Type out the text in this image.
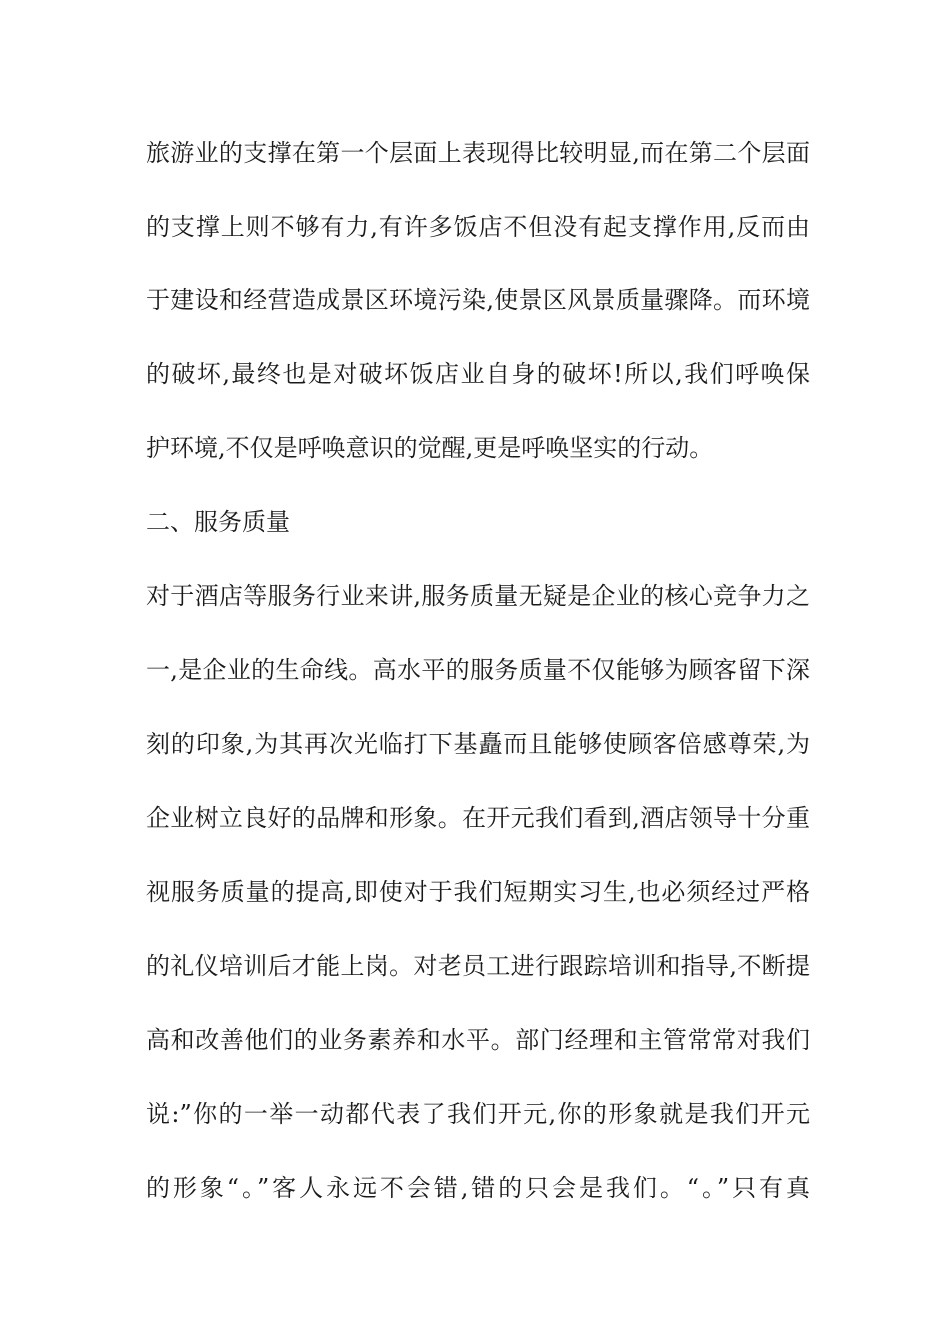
旅游业的支撑在第一个层面上表现得比较明显,而在第二个层面
的支撑上则不够有力,有许多饭店不但没有起支撑作用,反而由
于建设和经营造成景区环境污染,使景区风景质量骤降。而环境
的破坏,最终也是对破坏饭店业自身的破坏!所以,我们呼唤保
护环境,不仅是呼唤意识的觉醒,更是呼唤坚实的行动。
二、服务质量
对于酒店等服务行业来讲,服务质量无疑是企业的核心竞争力之
一,是企业的生命线。高水平的服务质量不仅能够为顾客留下深
刻的印象,为其再次光临打下基矗而且能够使顾客倍感尊荣,为
企业树立良好的品牌和形象。在开元我们看到,酒店领导十分重
视服务质量的提高,即使对于我们短期实习生,也必须经过严格
的礼仪培训后才能上岗。对老员工进行跟踪培训和指导,不断提
高和改善他们的业务素养和水平。部门经理和主管常常对我们
说:”你的一举一动都代表了我们开元,你的形象就是我们开元
的形象“。”客人永远不会错,错的只会是我们。“。”只有真
